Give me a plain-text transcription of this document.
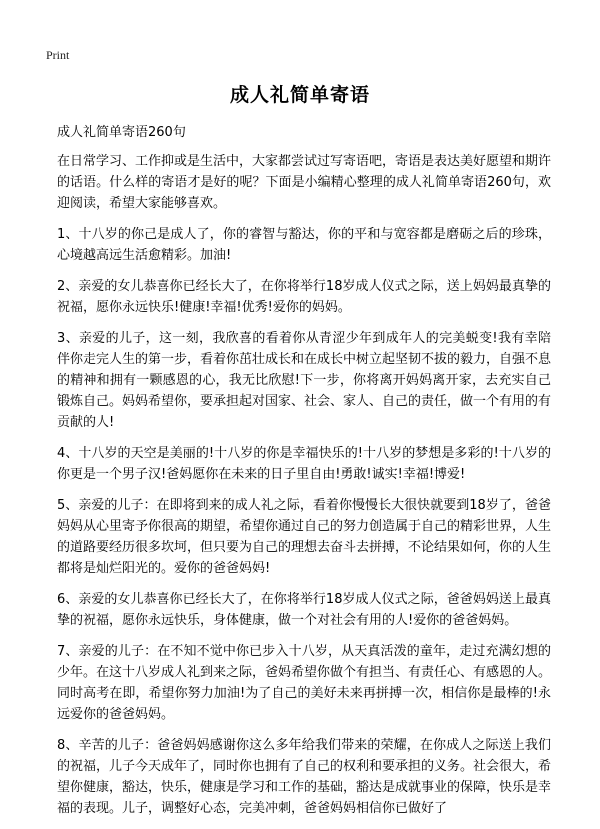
Print
成人礼简单寄语
成人礼简单寄语260句

在日常学习、工作抑或是生活中，大家都尝试过写寄语吧，寄语是表达美好愿望和期许的话语。什么样的寄语才是好的呢？下面是小编精心整理的成人礼简单寄语260句，欢迎阅读，希望大家能够喜欢。

1、十八岁的你己是成人了，你的睿智与豁达，你的平和与宽容都是磨砺之后的珍珠，心境越高远生活愈精彩。加油!

2、亲爱的女儿恭喜你已经长大了，在你将举行18岁成人仪式之际，送上妈妈最真挚的祝福，愿你永远快乐!健康!幸福!优秀!爱你的妈妈。

3、亲爱的儿子，这一刻，我欣喜的看着你从青涩少年到成年人的完美蜕变!我有幸陪伴你走完人生的第一步，看着你茁壮成长和在成长中树立起坚韧不拔的毅力，自强不息的精神和拥有一颗感恩的心，我无比欣慰!下一步，你将离开妈妈离开家，去充实自己锻炼自己。妈妈希望你，要承担起对国家、社会、家人、自己的责任，做一个有用的有贡献的人!

4、十八岁的天空是美丽的!十八岁的你是幸福快乐的!十八岁的梦想是多彩的!十八岁的你更是一个男子汉!爸妈愿你在未来的日子里自由!勇敢!诚实!幸福!博爱!

5、亲爱的儿子：在即将到来的成人礼之际，看着你慢慢长大很快就要到18岁了，爸爸妈妈从心里寄予你很高的期望，希望你通过自己的努力创造属于自己的精彩世界，人生的道路要经历很多坎坷，但只要为自己的理想去奋斗去拼搏，不论结果如何，你的人生都将是灿烂阳光的。爱你的爸爸妈妈!

6、亲爱的女儿恭喜你已经长大了，在你将举行18岁成人仪式之际，爸爸妈妈送上最真挚的祝福，愿你永远快乐，身体健康，做一个对社会有用的人!爱你的爸爸妈妈。

7、亲爱的儿子：在不知不觉中你已步入十八岁，从天真活泼的童年，走过充满幻想的少年。在这十八岁成人礼到来之际，爸妈希望你做个有担当、有责任心、有感恩的人。同时高考在即，希望你努力加油!为了自己的美好未来再拼搏一次，相信你是最棒的!永远爱你的爸爸妈妈。

8、辛苦的儿子：爸爸妈妈感谢你这么多年给我们带来的荣耀，在你成人之际送上我们的祝福，儿子今天成年了，同时你也拥有了自己的权利和要承担的义务。社会很大，希望你健康，豁达，快乐，健康是学习和工作的基础，豁达是成就事业的保障，快乐是幸福的表现。儿子，调整好心态，完美冲刺，爸爸妈妈相信你已做好了
